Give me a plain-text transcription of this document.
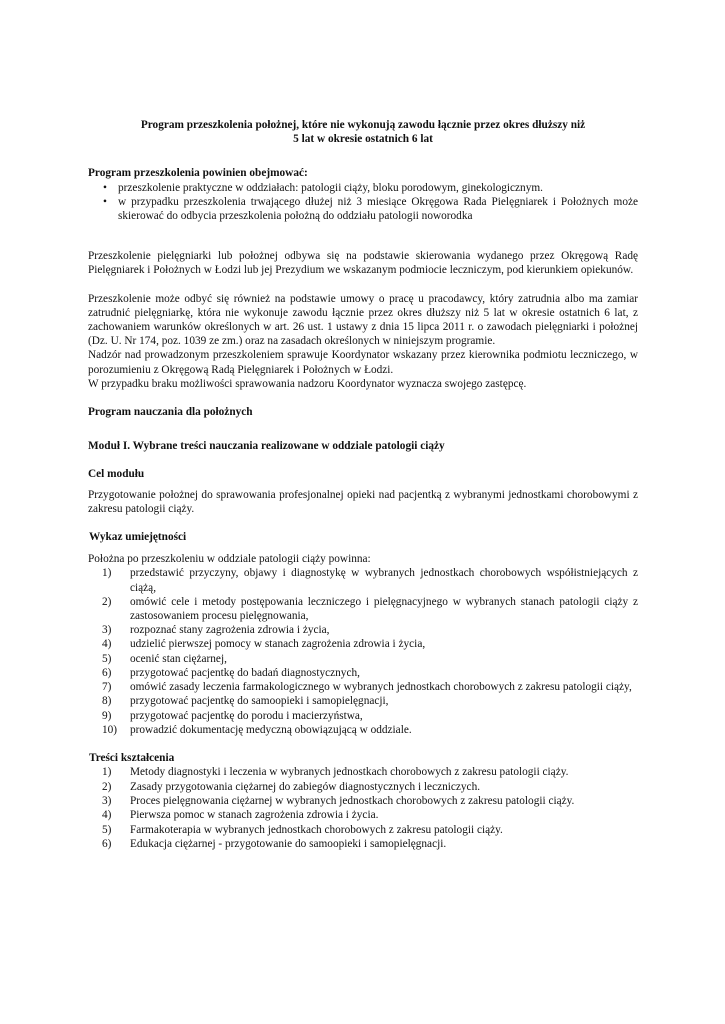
Program przeszkolenia położnej, które nie wykonują zawodu łącznie przez okres dłuższy niż
5 lat w okresie ostatnich 6 lat
Program przeszkolenia powinien obejmować:
• przeszkolenie praktyczne w oddziałach: patologii ciąży, bloku porodowym, ginekologicznym.
• w przypadku przeszkolenia trwającego dłużej niż 3 miesiące Okręgowa Rada Pielęgniarek i Położnych może skierować do odbycia przeszkolenia położną do oddziału patologii noworodka

Przeszkolenie pielęgniarki lub położnej odbywa się na podstawie skierowania wydanego przez Okręgową Radę Pielęgniarek i Położnych w Łodzi lub jej Prezydium we wskazanym podmiocie leczniczym, pod kierunkiem opiekunów.

Przeszkolenie może odbyć się również na podstawie umowy o pracę u pracodawcy, który zatrudnia albo ma zamiar zatrudnić pielęgniarkę, która nie wykonuje zawodu łącznie przez okres dłuższy niż 5 lat w okresie ostatnich 6 lat, z zachowaniem warunków określonych w art. 26 ust. 1 ustawy z dnia 15 lipca 2011 r. o zawodach pielęgniarki i położnej (Dz. U. Nr 174, poz. 1039 ze zm.) oraz na zasadach określonych w niniejszym programie.

Nadzór nad prowadzonym przeszkoleniem sprawuje Koordynator wskazany przez kierownika podmiotu leczniczego, w porozumieniu z Okręgową Radą Pielęgniarek i Położnych w Łodzi.

W przypadku braku możliwości sprawowania nadzoru Koordynator wyznacza swojego zastępcę.

Program nauczania dla położnych
Moduł I. Wybrane treści nauczania realizowane w oddziale patologii ciąży
Cel modułu

Przygotowanie położnej do sprawowania profesjonalnej opieki nad pacjentką z wybranymi jednostkami chorobowymi z zakresu patologii ciąży.

Wykaz umiejętności

Położna po przeszkoleniu w oddziale patologii ciąży powinna:

1) przedstawić przyczyny, objawy i diagnostykę w wybranych jednostkach chorobowych współistniejących z ciążą,
2) omówić cele i metody postępowania leczniczego i pielęgnacyjnego w wybranych stanach patologii ciąży z zastosowaniem procesu pielęgnowania,
3) rozpoznać stany zagrożenia zdrowia i życia,
4) udzielić pierwszej pomocy w stanach zagrożenia zdrowia i życia,
5) ocenić stan ciężarnej,
6) przygotować pacjentkę do badań diagnostycznych,
7) omówić zasady leczenia farmakologicznego w wybranych jednostkach chorobowych z zakresu patologii ciąży,
8) przygotować pacjentkę do samoopieki i samopielęgnacji,
9) przygotować pacjentkę do porodu i macierzyństwa,
10) prowadzić dokumentację medyczną obowiązującą w oddziale.
Treści kształcenia
1) Metody diagnostyki i leczenia w wybranych jednostkach chorobowych z zakresu patologii ciąży.
2) Zasady przygotowania ciężarnej do zabiegów diagnostycznych i leczniczych.
3) Proces pielęgnowania ciężarnej w wybranych jednostkach chorobowych z zakresu patologii ciąży.
4) Pierwsza pomoc w stanach zagrożenia zdrowia i życia.
5) Farmakoterapia w wybranych jednostkach chorobowych z zakresu patologii ciąży.
6) Edukacja ciężarnej - przygotowanie do samoopieki i samopielęgnacji.
